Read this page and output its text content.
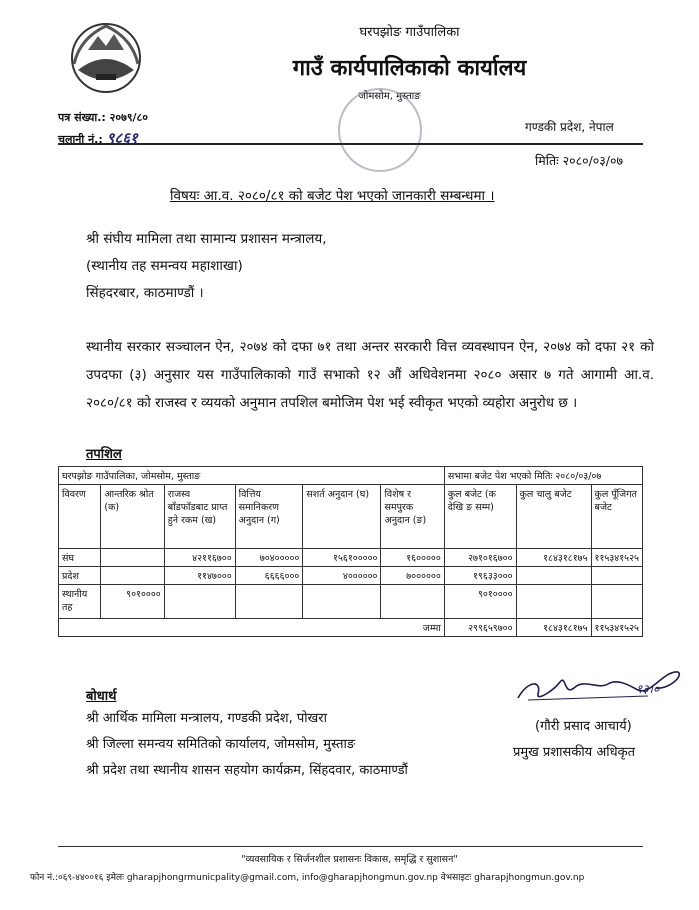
घरपझोङ गाउँपालिका
गाउँ कार्यपालिकाको कार्यालय
जोमसोम, मुस्ताङ
पत्र संख्या.: २०७९/८०
चलानी नं.: ९८६१
गण्डकी प्रदेश, नेपाल
मितिः २०८०/०३/०७
विषयः आ.व. २०८०/८१ को बजेट पेश भएको जानकारी सम्बन्धमा ।
श्री संघीय मामिला तथा सामान्य प्रशासन मन्त्रालय,
(स्थानीय तह समन्वय महाशाखा)
सिंहदरबार, काठमाण्डौं ।
स्थानीय सरकार सञ्चालन ऐन, २०७४ को दफा ७१ तथा अन्तर सरकारी वित्त व्यवस्थापन ऐन, २०७४ को दफा २१ को उपदफा (३) अनुसार यस गाउँपालिकाको गाउँ सभाको १२ औं अधिवेशनमा २०८० असार ७ गते आगामी आ.व. २०८०/८१ को राजस्व र व्ययको अनुमान तपशिल बमोजिम पेश भई स्वीकृत भएको व्यहोरा अनुरोध छ ।
तपशिल
घरपझोङ गाउँपालिका, जोमसोम, मुस्ताङ						सभामा बजेट पेश भएको मितिः २०८०/०३/०७		
विवरण	आन्तरिक श्रोत (क)	राजस्व बाँडफाँडबाट प्राप्त हुने रकम (ख)	वित्तिय समानिकरण अनुदान (ग)	सशर्त अनुदान (घ)	विशेष र समपुरक अनुदान (ङ)	कुल बजेट (क देखि ङ सम्म)	कुल चालु बजेट	कुल पूँजिगत बजेट
संघ		४२११६७००	७०४०००००	१५६१०००००	१६०००००	२७१०१६७००	१८४३१८१७५	११५३४१५२५
प्रदेश		११४७०००	६६६६०००	४००००००	७००००००	१९६३३०००		
स्थानीय तह	९०१००००					९०१००००		
जम्मा						२९९६५९७००	१८४३१८१७५	११५३४१५२५
१३।०
(गौरी प्रसाद आचार्य)
प्रमुख प्रशासकीय अधिकृत
बोधार्थ
श्री आर्थिक मामिला मन्त्रालय, गण्डकी प्रदेश, पोखरा
श्री जिल्ला समन्वय समितिको कार्यालय, जोमसोम, मुस्ताङ
श्री प्रदेश तथा स्थानीय शासन सहयोग कार्यक्रम, सिंहदवार, काठमाण्डौं
"व्यवसायिक र सिर्जनशील प्रशासनः विकास, समृद्धि र सुशासन"
फोन नं.:०६९-४४००१६ इमेलः gharapjhongrmunicpality@gmail.com, info@gharapjhongmun.gov.np वेभसाइटः gharapjhongmun.gov.np
